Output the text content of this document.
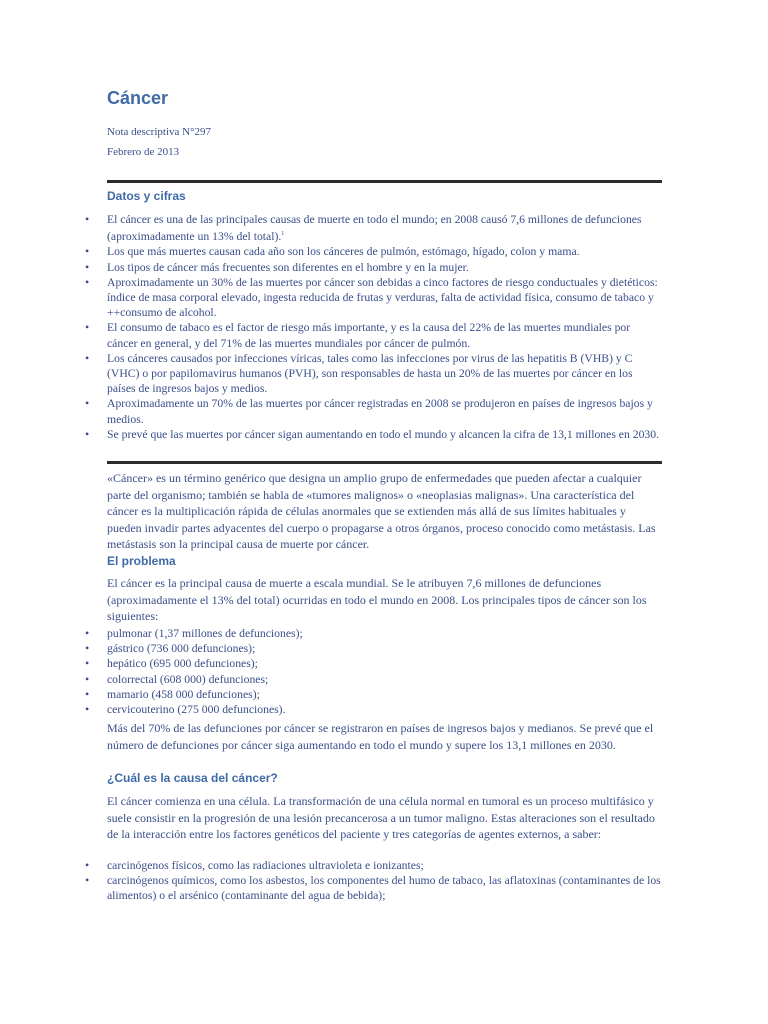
Cáncer
Nota descriptiva N°297
Febrero de 2013
Datos y cifras
• El cáncer es una de las principales causas de muerte en todo el mundo; en 2008 causó 7,6 millones de defunciones (aproximadamente un 13% del total).$^1$
• Los que más muertes causan cada año son los cánceres de pulmón, estómago, hígado, colon y mama.
• Los tipos de cáncer más frecuentes son diferentes en el hombre y en la mujer.
• Aproximadamente un 30% de las muertes por cáncer son debidas a cinco factores de riesgo conductuales y dietéticos: índice de masa corporal elevado, ingesta reducida de frutas y verduras, falta de actividad física, consumo de tabaco y ++consumo de alcohol.
• El consumo de tabaco es el factor de riesgo más importante, y es la causa del 22% de las muertes mundiales por cáncer en general, y del 71% de las muertes mundiales por cáncer de pulmón.
• Los cánceres causados por infecciones víricas, tales como las infecciones por virus de las hepatitis B (VHB) y C (VHC) o por papilomavirus humanos (PVH), son responsables de hasta un 20% de las muertes por cáncer en los países de ingresos bajos y medios.
• Aproximadamente un 70% de las muertes por cáncer registradas en 2008 se produjeron en países de ingresos bajos y medios.
• Se prevé que las muertes por cáncer sigan aumentando en todo el mundo y alcancen la cifra de 13,1 millones en 2030.

«Cáncer» es un término genérico que designa un amplio grupo de enfermedades que pueden afectar a cualquier parte del organismo; también se habla de «tumores malignos» o «neoplasias malignas». Una característica del cáncer es la multiplicación rápida de células anormales que se extienden más allá de sus límites habituales y pueden invadir partes adyacentes del cuerpo o propagarse a otros órganos, proceso conocido como metástasis. Las metástasis son la principal causa de muerte por cáncer.

El problema

El cáncer es la principal causa de muerte a escala mundial. Se le atribuyen 7,6 millones de defunciones (aproximadamente el 13% del total) ocurridas en todo el mundo en 2008. Los principales tipos de cáncer son los siguientes:

• pulmonar (1,37 millones de defunciones);
• gástrico (736 000 defunciones);
• hepático (695 000 defunciones);
• colorrectal (608 000) defunciones;
• mamario (458 000 defunciones);
• cervicouterino (275 000 defunciones).

Más del 70% de las defunciones por cáncer se registraron en países de ingresos bajos y medianos. Se prevé que el número de defunciones por cáncer siga aumentando en todo el mundo y supere los 13,1 millones en 2030.

¿Cuál es la causa del cáncer?

El cáncer comienza en una célula. La transformación de una célula normal en tumoral es un proceso multifásico y suele consistir en la progresión de una lesión precancerosa a un tumor maligno. Estas alteraciones son el resultado de la interacción entre los factores genéticos del paciente y tres categorías de agentes externos, a saber:

• carcinógenos físicos, como las radiaciones ultravioleta e ionizantes;
• carcinógenos químicos, como los asbestos, los componentes del humo de tabaco, las aflatoxinas (contaminantes de los alimentos) o el arsénico (contaminante del agua de bebida);
